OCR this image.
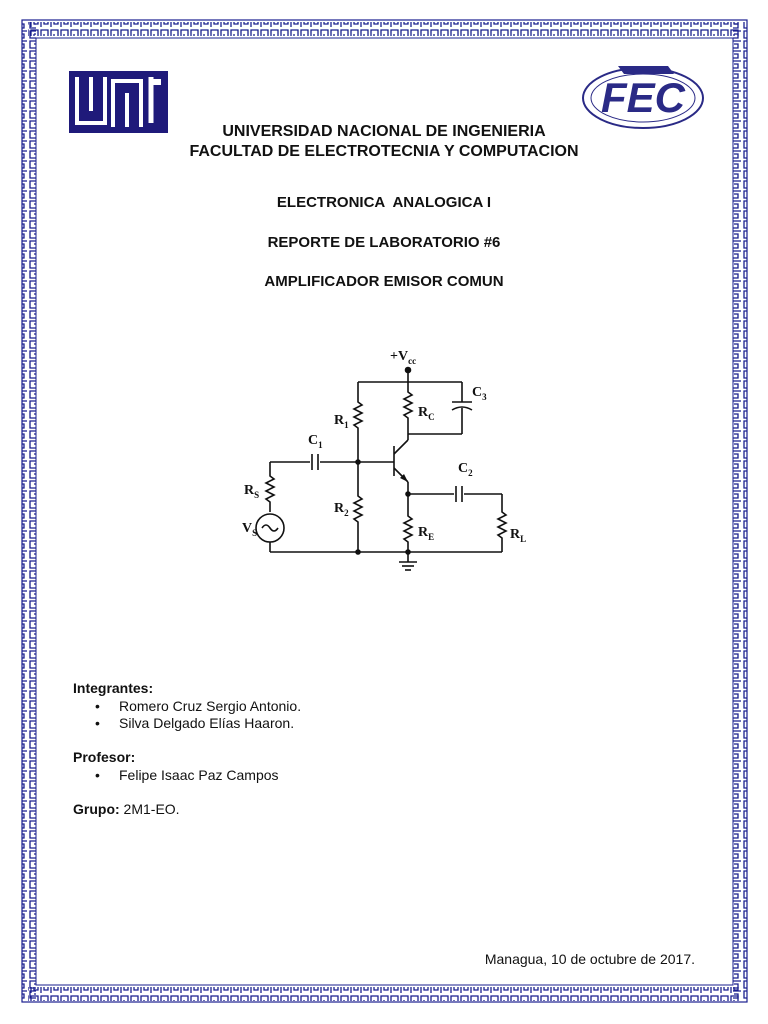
FEC
UNIVERSIDAD NACIONAL DE INGENIERIA
FACULTAD DE ELECTROTECNIA Y COMPUTACION
ELECTRONICA  ANALOGICA I
REPORTE DE LABORATORIO #6
AMPLIFICADOR EMISOR COMUN
$+V_{cc}$
$C_3$
$R_C$
$R_1$
$C_1$
$C_2$
$R_S$
$R_2$
$R_E$	$R_L$
$V_S$
Integrantes:
• Romero Cruz Sergio Antonio.
• Silva Delgado Elías Haaron.
Profesor:
• Felipe Isaac Paz Campos
Grupo: 2M1-EO.
Managua, 10 de octubre de 2017.
